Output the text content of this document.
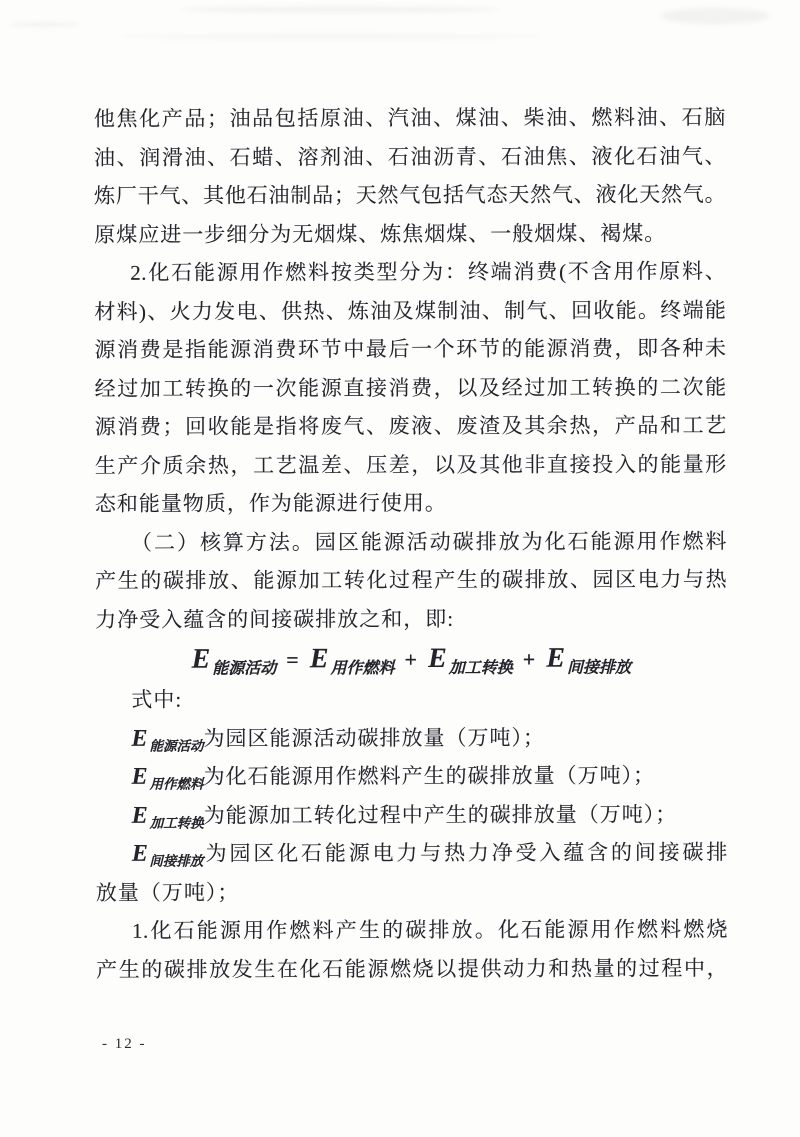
他焦化产品；油品包括原油、汽油、煤油、柴油、燃料油、石脑
油、润滑油、石蜡、溶剂油、石油沥青、石油焦、液化石油气、
炼厂干气、其他石油制品；天然气包括气态天然气、液化天然气。
原煤应进一步细分为无烟煤、炼焦烟煤、一般烟煤、褐煤。
2.化石能源用作燃料按类型分为：终端消费(不含用作原料、
材料)、火力发电、供热、炼油及煤制油、制气、回收能。终端能
源消费是指能源消费环节中最后一个环节的能源消费，即各种未
经过加工转换的一次能源直接消费，以及经过加工转换的二次能
源消费；回收能是指将废气、废液、废渣及其余热，产品和工艺
生产介质余热，工艺温差、压差，以及其他非直接投入的能量形
态和能量物质，作为能源进行使用。
（二）核算方法。园区能源活动碳排放为化石能源用作燃料
产生的碳排放、能源加工转化过程产生的碳排放、园区电力与热
力净受入蕴含的间接碳排放之和，即:
$E_{能源活动} = E_{用作燃料} + E_{加工转换} + E_{间接排放}$
式中:
$E_{能源活动}$为园区能源活动碳排放量（万吨）；
$E_{用作燃料}$为化石能源用作燃料产生的碳排放量（万吨）；
$E_{加工转换}$为能源加工转化过程中产生的碳排放量（万吨）；
$E_{间接排放}$为园区化石能源电力与热力净受入蕴含的间接碳排
放量（万吨）；
1.化石能源用作燃料产生的碳排放。化石能源用作燃料燃烧
产生的碳排放发生在化石能源燃烧以提供动力和热量的过程中，
- 12 -
